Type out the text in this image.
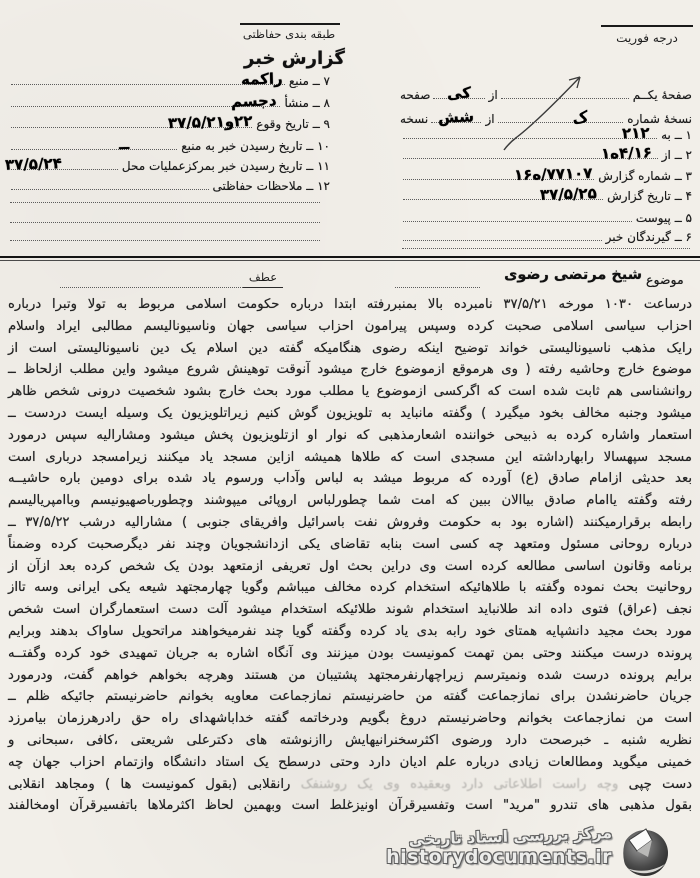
طبقه بندی حفاظتی
گزارش خبر
درجه فوریت
صفحهٔ یکــم
از
یک
صفحه
نسخهٔ شماره
ک
از
شش
نسخه
۱ ــ به
۲۱۲
۲ ــ از
۱ه۴/۱۶
۳ ــ شماره گزارش
۱۶ه/۷۷۱۰۷
۴ ــ تاریخ گزارش
۳۷/۵/۲۵
۵ ــ پیوست
۶ ــ گیرندگان خبر
۷ ــ منبع
همکار
۸ ــ منشأ
مسجد
۹ ــ تاریخ وقوع
۳۷/۵/۲۱و۲۲
۱۰ ــ تاریخ رسیدن خبر به منبع
ــ
۱۱ ــ تاریخ رسیدن خبر بمرکزعملیات محل
۳۷/۵/۲۴
۱۲ ــ ملاحظات حفاظتی
موضوع
شیخ مرتضی رضوی
عطف
درساعت ۱۰۳۰ مورخه ۳۷/۵/۲۱ نامبرده بالا بمنبررفته ابتدا درباره حکومت اسلامی مربوط به تولا وتبرا درباره
احزاب سیاسی اسلامی صحبت کرده وسپس پیرامون احزاب سیاسی جهان وناسیونالیسم مطالبی ایراد واسلام
رایک مذهب ناسیونالیستی خواند توضیح اینکه رضوی هنگامیکه گفته دین اسلام یک دین ناسیونالیستی است از
موضوع خارج وحاشیه رفته ( وی هرموقع ازموضوع خارج میشود آنوقت توهینش شروع میشود واین مطلب ازلحاظ ــ
روانشناسی هم ثابت شده است که اگرکسی ازموضوع یا مطلب مورد بحث خارج بشود شخصیت درونی شخص ظاهر
میشود وجنبه مخالف بخود میگیرد ) وگفته مانباید به تلویزیون گوش کنیم زیراتلویزیون یک وسیله ایست دردست ــ
استعمار واشاره کرده به ذبیحی خواننده اشعارمذهبی که نوار او ازتلویزیون پخش میشود ومشارالیه سپس درمورد
مسجد سپهسالا رابهارداشته این مسجدی است که طلاها همیشه ازاین مسجد یاد میکنند زیرامسجد درباری است
بعد حدیثی ازامام صادق (ع) آورده که مربوط میشد به لباس وآداب ورسوم یاد شده برای دومین باره حاشیــه
رفته وگفته یاامام صادق بیاالان ببین که امت شما چطورلباس اروپائی میپوشند وچطورباصهیونیسم وباامپریالیسم
رابطه برقرارمیکنند (اشاره بود به حکومت وفروش نفت باسرائیل وافریقای جنوبی ) مشارالیه درشب ۳۷/۵/۲۲ ــ
درباره روحانی مسئول ومتعهد چه کسی است بنابه تقاضای یکی ازدانشجویان وچند نفر دیگرصحبت کرده وضمناً
برنامه وقانون اساسی مطالعه کرده است وی دراین بحث اول تعریفی ازمتعهد بودن یک شخص کرده بعد ازآن از
روحانیت بحث نموده وگفته با طلاهائیکه استخدام کرده مخالف میباشم وگویا چهارمجتهد شیعه یکی ایرانی وسه تااز
نجف (عراق) فتوی داده اند طلانباید استخدام شوند طلائیکه استخدام میشود آلت دست استعمارگران است شخص
مورد بحث مجید دانشپایه همتای خود رابه بدی یاد کرده وگفته گویا چند نفرمیخواهند مراتحویل ساواک بدهند وبرایم
پرونده درست میکنند وحتی بمن تهمت کمونیست بودن میزنند وی آنگاه اشاره به جریان تمهیدی خود کرده وگفتــه
برایم پرونده درست شده ونمیترسم زیراچهارنفرمجتهد پشتیبان من هستند وهرچه بخواهم خواهم گفت، ودرمورد
جریان حاضرنشدن برای نمازجماعت گفته من حاضرنیستم نمازجماعت معاویه بخوانم حاضرنیستم جائیکه ظلم ــ
است من نمازجماعت بخوانم وحاضرنیستم دروغ بگویم ودرخاتمه گفته خداباشهدای راه حق رادرهرزمان بیامرزد
نظریه شنبه ـ خبرصحت دارد ورضوی اکثرسخنرانیهایش راازنوشته های دکترعلی شریعتی ،کافی ،سبحانی و
خمینی میگوید ومطالعات زیادی درباره علم ادیان دارد وحتی درسطح یک استاد دانشگاه وازتمام احزاب جهان چه
دست چپی وچه راست اطلاعاتی دارد وبعقیده وی یک روشنفک رانقلابی (بقول کمونیست ها ) ومجاهد انقلابی
بقول مذهبی های تندرو "مرید" است وتفسیرقرآن اونیزغلط است وبهمین لحاظ اکثرملاها باتفسیرقرآن اومخالفند
مرکز بررسی اسناد تاریخی
historydocuments.ir
